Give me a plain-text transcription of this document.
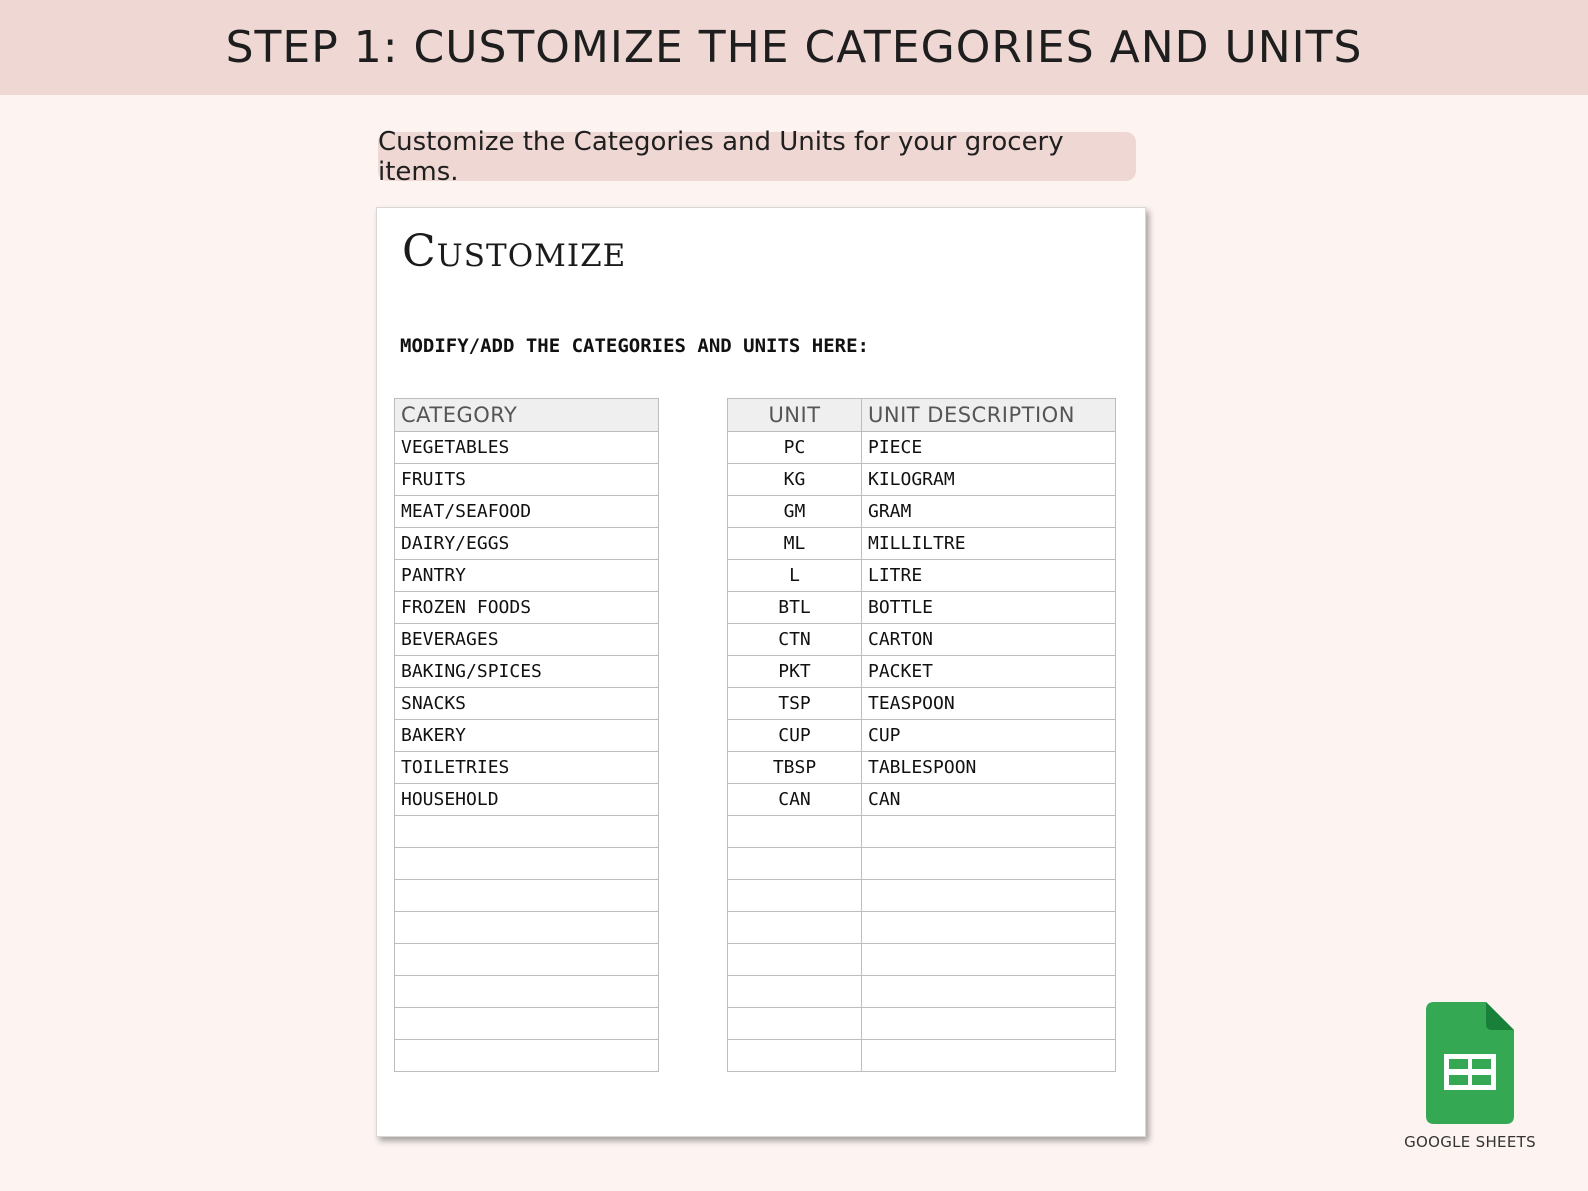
STEP 1: CUSTOMIZE THE CATEGORIES AND UNITS
Customize the Categories and Units for your grocery items.
Customize
MODIFY/ADD THE CATEGORIES AND UNITS HERE:
CATEGORY
VEGETABLES
FRUITS
MEAT/SEAFOOD
DAIRY/EGGS
PANTRY
FROZEN FOODS
BEVERAGES
BAKING/SPICES
SNACKS
BAKERY
TOILETRIES
HOUSEHOLD

UNIT	UNIT DESCRIPTION
PC	PIECE
KG	KILOGRAM
GM	GRAM
ML	MILLILTRE
L	LITRE
BTL	BOTTLE
CTN	CARTON
PKT	PACKET
TSP	TEASPOON
CUP	CUP
TBSP	TABLESPOON
CAN	CAN

GOOGLE SHEETS
